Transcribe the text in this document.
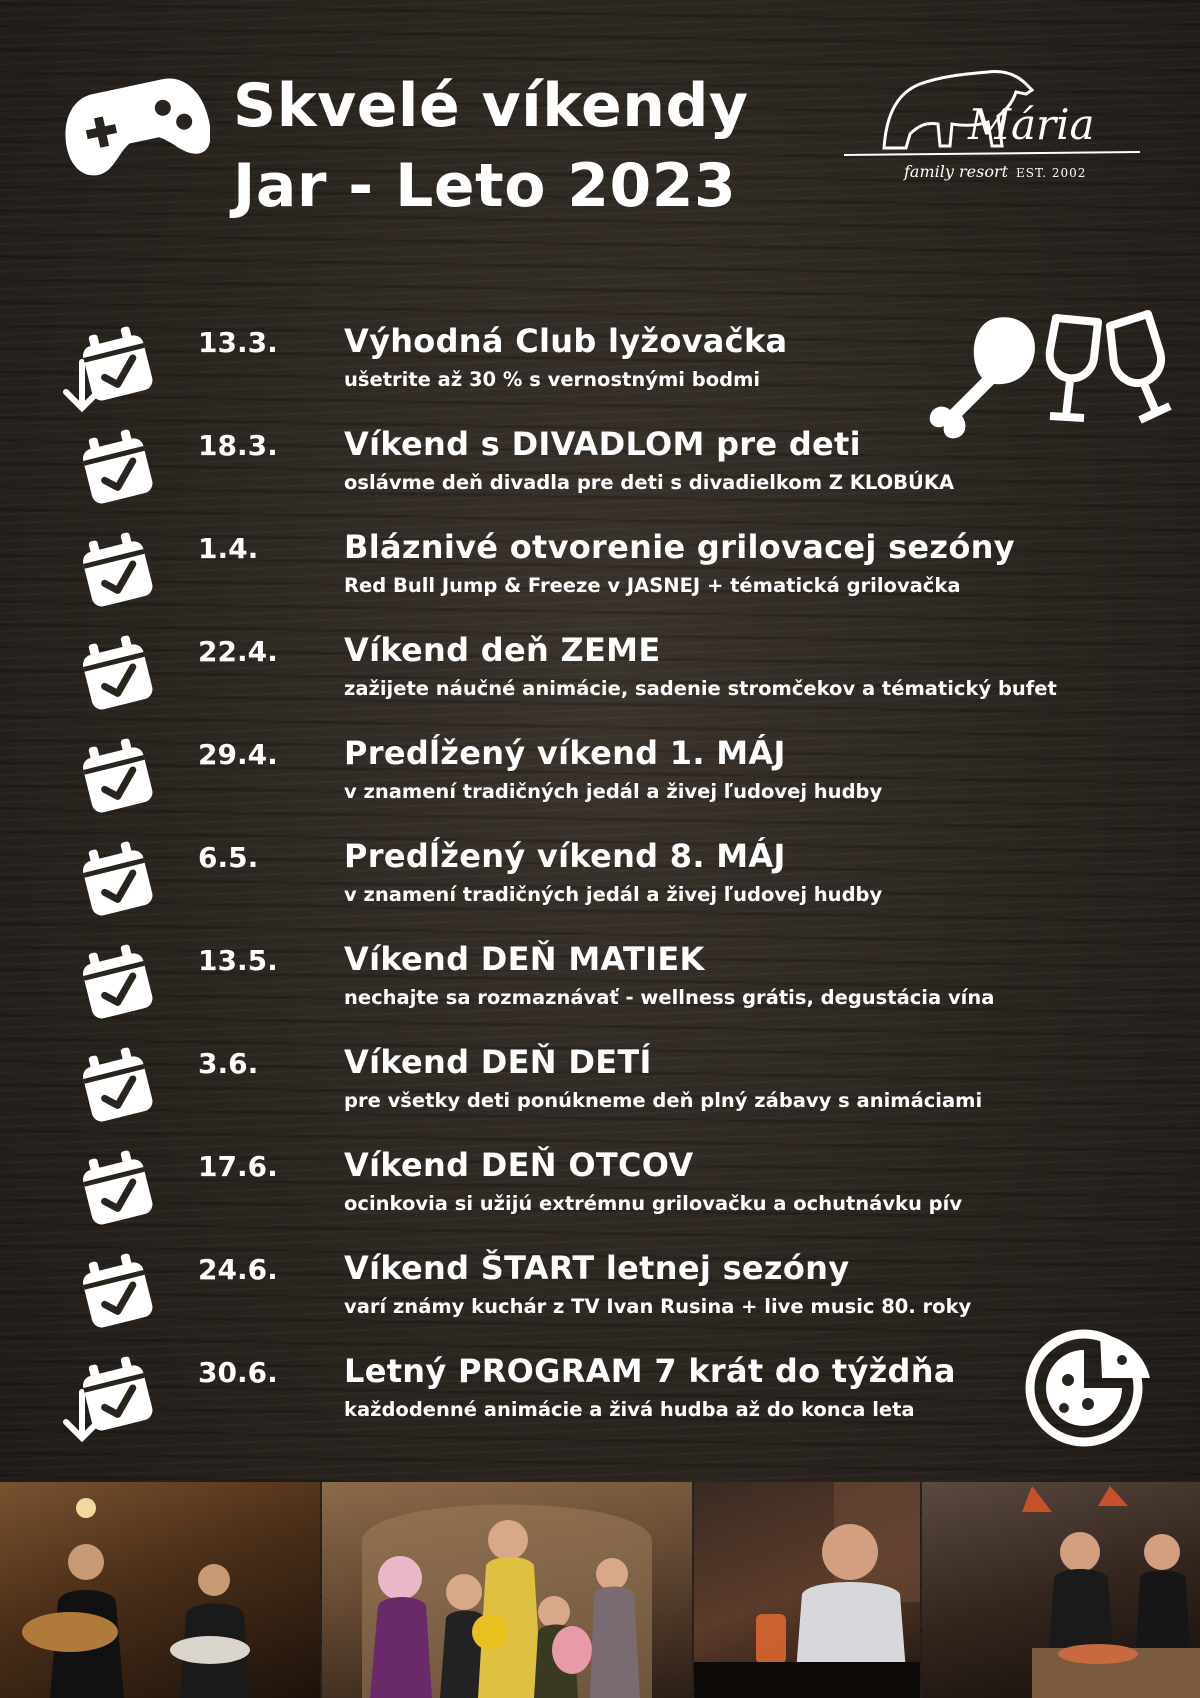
Skvelé víkendy
Jar - Leto 2023
Mária
family resort EST. 2002
13.3. Výhodná Club lyžovačka
ušetrite až 30 % s vernostnými bodmi
18.3. Víkend s DIVADLOM pre deti
oslávme deň divadla pre deti s divadielkom Z KLOBÚKA
1.4.	Bláznivé otvorenie grilovacej sezóny
Red Bull Jump & Freeze v JASNEJ + tématická grilovačka
22.4. Víkend deň ZEME
zažijete náučné animácie, sadenie stromčekov a tématický bufet
29.4. Predĺžený víkend 1. MÁJ
v znamení tradičných jedál a živej ľudovej hudby
6.5.	Predĺžený víkend 8. MÁJ
v znamení tradičných jedál a živej ľudovej hudby
13.5. Víkend DEŇ MATIEK
nechajte sa rozmaznávať - wellness grátis, degustácia vína
3.6.	Víkend DEŇ DETÍ
pre všetky deti ponúkneme deň plný zábavy s animáciami
17.6. Víkend DEŇ OTCOV
ocinkovia si užijú extrémnu grilovačku a ochutnávku pív
24.6. Víkend ŠTART letnej sezóny
varí známy kuchár z TV Ivan Rusina + live music 80. roky
30.6. Letný PROGRAM 7 krát do týždňa
každodenné animácie a živá hudba až do konca leta
